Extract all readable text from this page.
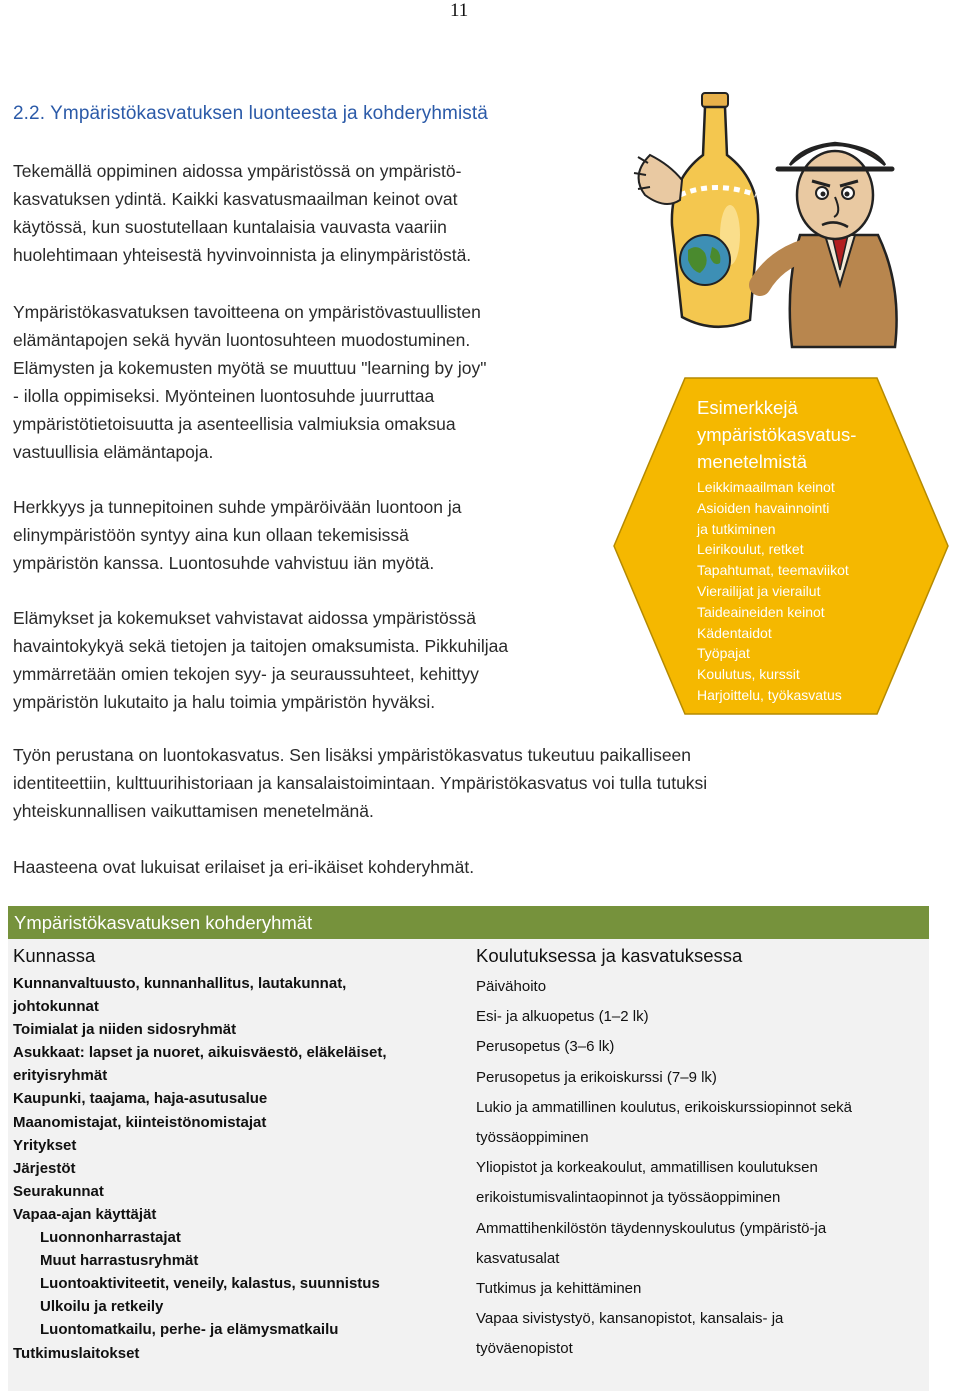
11
2.2. Ympäristökasvatuksen luonteesta ja kohderyhmistä

Tekemällä oppiminen aidossa ympäristössä on ympäristö-

kasvatuksen ydintä. Kaikki kasvatusmaailman keinot ovat

käytössä, kun suostutellaan kuntalaisia vauvasta vaariin

huolehtimaan yhteisestä hyvinvoinnista ja elinympäristöstä.

Ympäristökasvatuksen tavoitteena on ympäristövastuullisten

elämäntapojen sekä hyvän luontosuhteen muodostuminen.

Elämysten ja kokemusten myötä se muuttuu "learning by joy"

- ilolla oppimiseksi. Myönteinen luontosuhde juurruttaa

ympäristötietoisuutta ja asenteellisia valmiuksia omaksua

vastuullisia elämäntapoja.

Herkkyys ja tunnepitoinen suhde ympäröivään luontoon ja

elinympäristöön syntyy aina kun ollaan tekemisissä

ympäristön kanssa. Luontosuhde vahvistuu iän myötä.

Elämykset ja kokemukset vahvistavat aidossa ympäristössä

havaintokykyä sekä tietojen ja taitojen omaksumista. Pikkuhiljaa

ymmärretään omien tekojen syy- ja seuraussuhteet, kehittyy

ympäristön lukutaito ja halu toimia ympäristön hyväksi.

Työn perustana on luontokasvatus. Sen lisäksi ympäristökasvatus tukeutuu paikalliseen

identiteettiin, kulttuurihistoriaan ja kansalaistoimintaan. Ympäristökasvatus voi tulla tutuksi

yhteiskunnallisen vaikuttamisen menetelmänä.

Haasteena ovat lukuisat erilaiset ja eri-ikäiset kohderyhmät.

Esimerkkejä
ympäristökasvatus-
menetelmistä
Leikkimaailman keinot
Asioiden havainnointi
ja tutkiminen
Leirikoulut, retket
Tapahtumat, teemaviikot
Vierailijat ja vierailut
Taideaineiden keinot
Kädentaidot
Työpajat
Koulutus, kurssit
Harjoittelu, työkasvatus
Ympäristökasvatuksen kohderyhmät
Kunnassa
Kunnanvaltuusto, kunnanhallitus, lautakunnat,
johtokunnat
Toimialat ja niiden sidosryhmät
Asukkaat: lapset ja nuoret, aikuisväestö, eläkeläiset,
erityisryhmät
Kaupunki, taajama, haja-asutusalue
Maanomistajat, kiinteistönomistajat
Yritykset
Järjestöt
Seurakunnat
Vapaa-ajan käyttäjät
Luonnonharrastajat
Muut harrastusryhmät
Luontoaktiviteetit, veneily, kalastus, suunnistus
Ulkoilu ja retkeily
Luontomatkailu, perhe- ja elämysmatkailu
Tutkimuslaitokset
Koulutuksessa ja kasvatuksessa
Päivähoito
Esi- ja alkuopetus (1–2 lk)
Perusopetus (3–6 lk)
Perusopetus ja erikoiskurssi (7–9 lk)
Lukio ja ammatillinen koulutus, erikoiskurssiopinnot sekä
työssäoppiminen
Yliopistot ja korkeakoulut, ammatillisen koulutuksen
erikoistumisvalintaopinnot ja työssäoppiminen
Ammattihenkilöstön täydennyskoulutus (ympäristö-ja
kasvatusalat
Tutkimus ja kehittäminen
Vapaa sivistystyö, kansanopistot, kansalais- ja
työväenopistot
